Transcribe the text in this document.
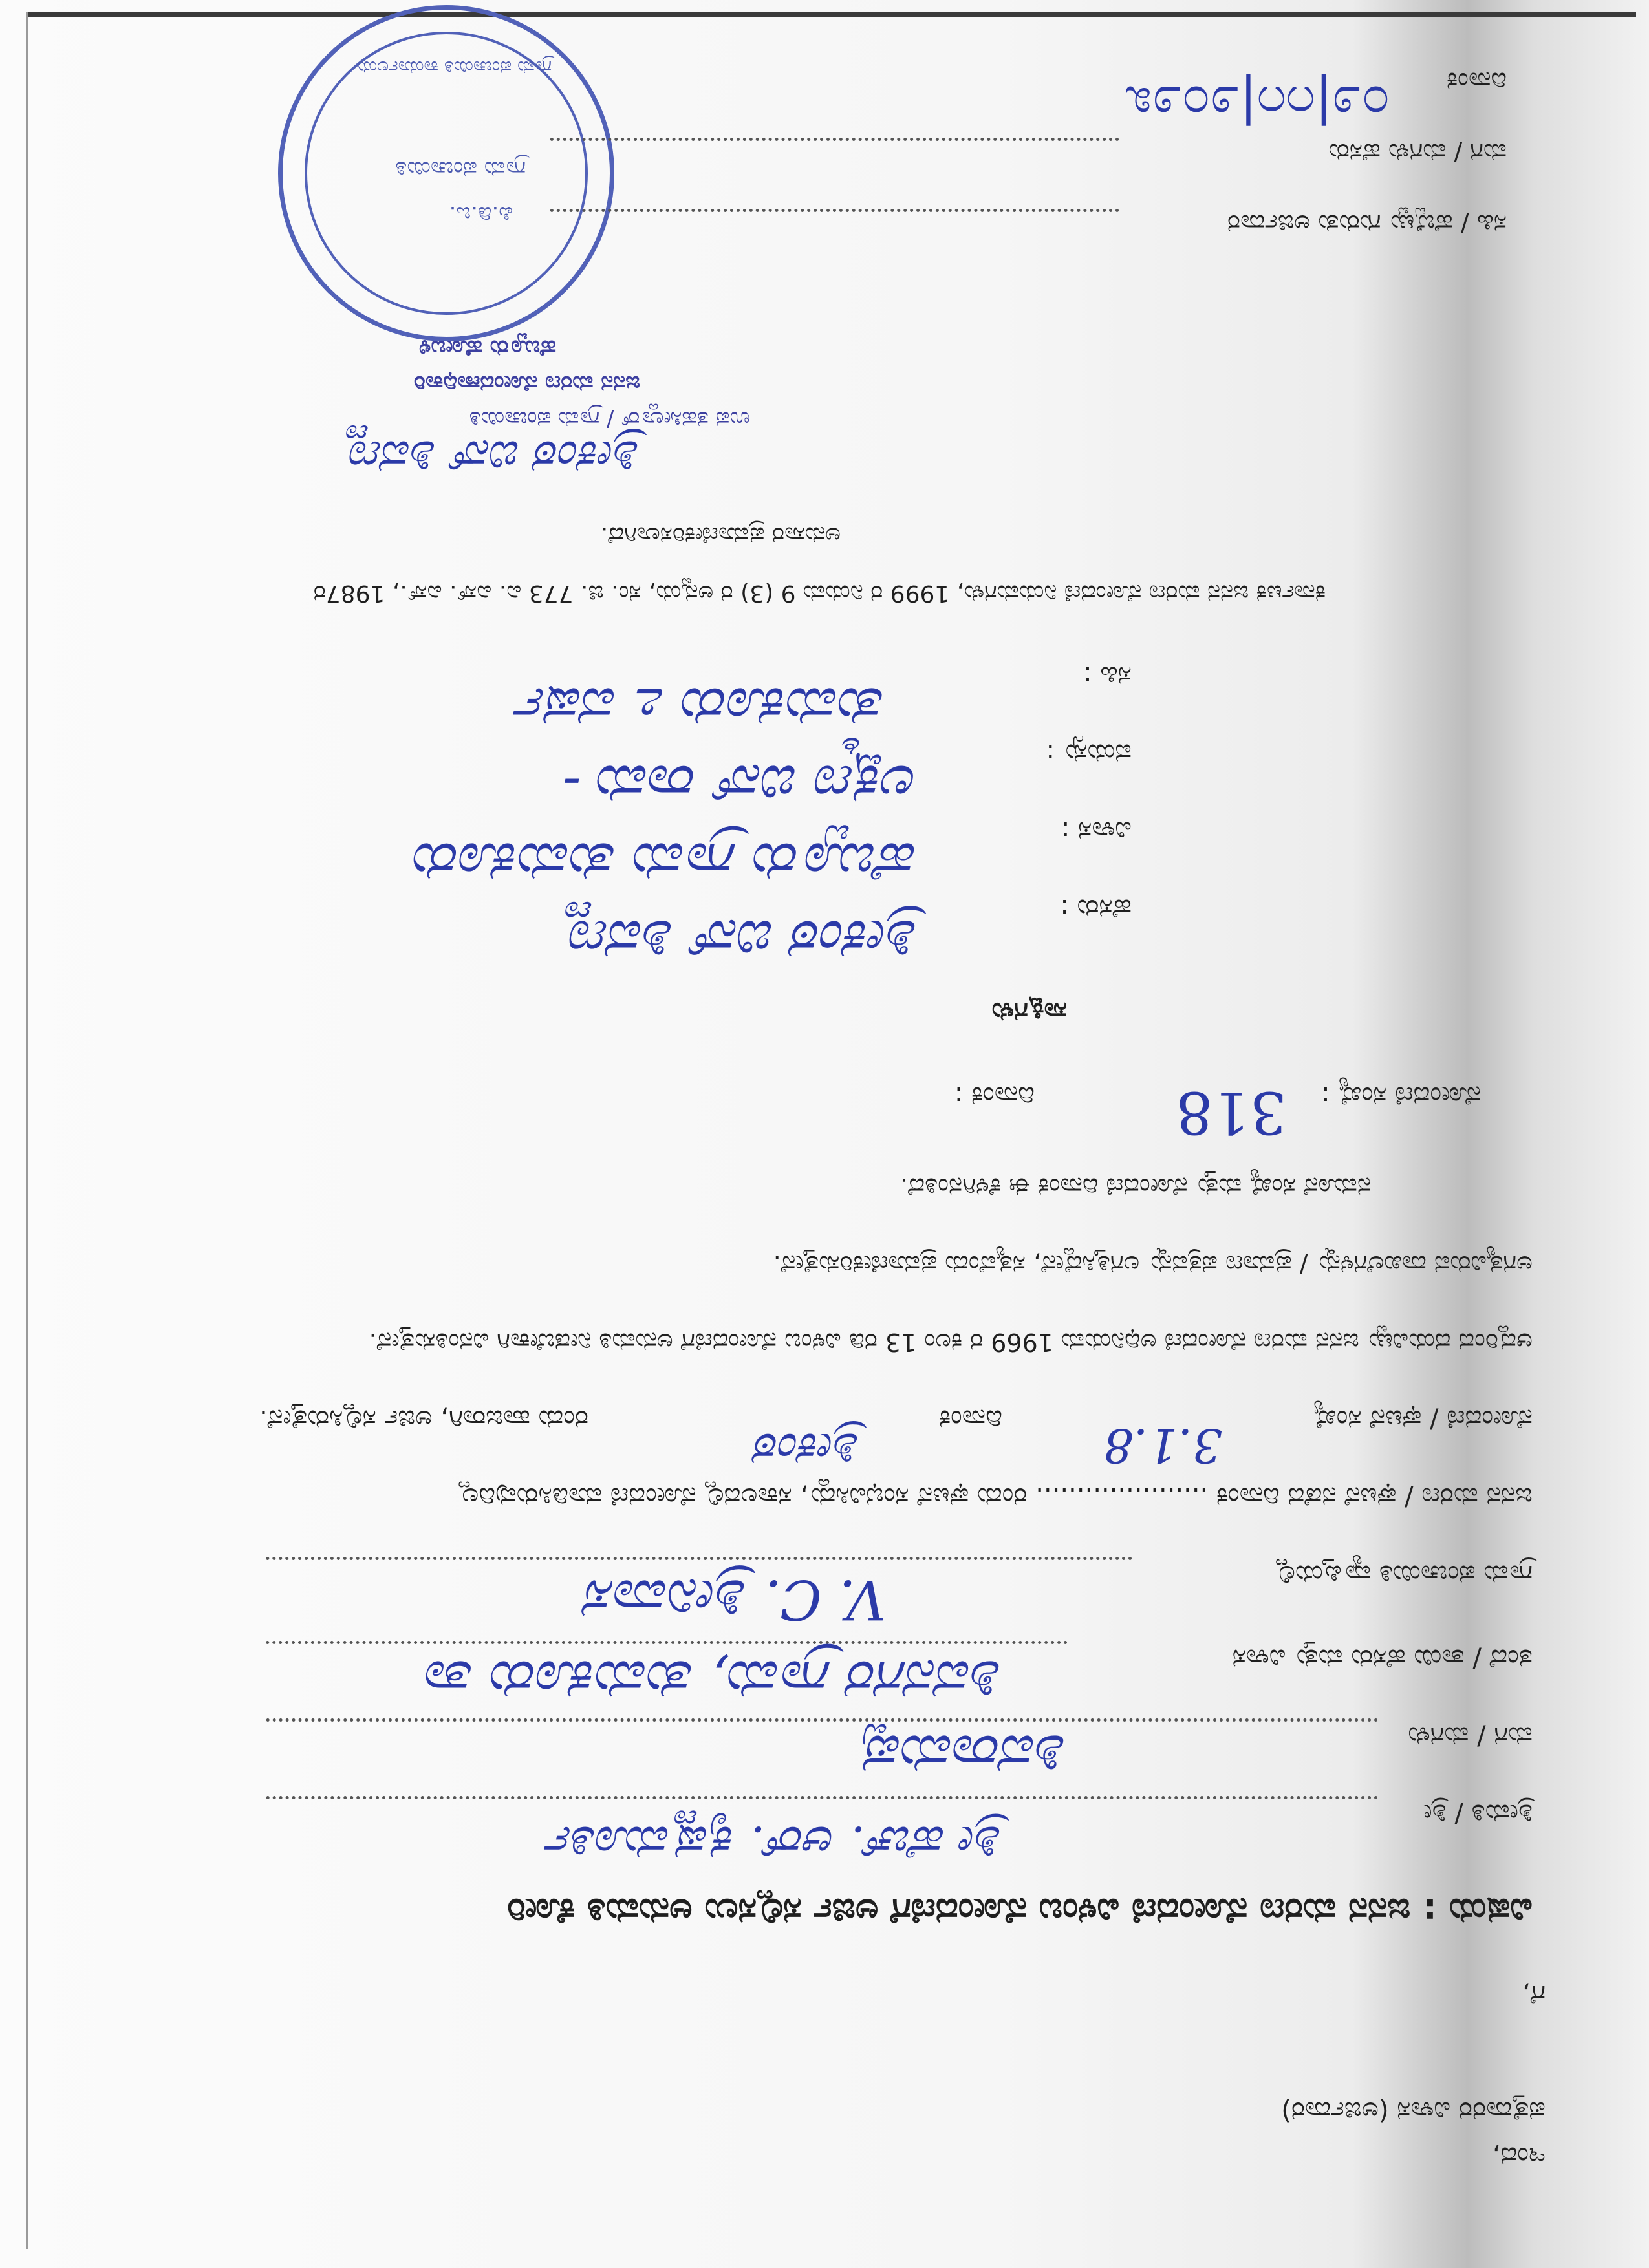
ಇಂದ,
ಪತ್ತೆದಾರರ ವಿಳಾಸ (ಅರ್ಜಿದಾರ)
ಗೆ,
ವಿಷಯ : ಜನನ ಮರಣ ನೋಂದಣಿ ವಿಳಂಬ ನೋಂದಣಿಗೆ ಅರ್ಜಿ ಸಲ್ಲಿಸಲು ಅನುಮತಿ ಕೋರಿ
ಶ್ರೀಮತಿ / ಶ್ರೀ
ಶ್ರೀ ಹೆಚ್. ಆರ್. ಕೃಷ್ಣಮೂರ್ತಿ
ಮಗ / ಮಗಳು
ಶಿವರಾಮಪ್ಪ
ತಂದೆ / ತಾಯಿ ಹೆಸರು ಮತ್ತು ವಿಳಾಸ
ಶಿವನಗರ ಗ್ರಾಮ, ತುಮಕೂರು ತಾ
ಗ್ರಾಮ ಪಂಚಾಯಿತಿ ವ್ಯಾಪ್ತಿಯಲ್ಲಿ
V. C. ಶ್ರೀನಿವಾಸ
ಜನನ ಮರಣ / ಘಟನೆ ನಡೆದ ದಿನಾಂಕ ..................... ರಂದು ಘಟನೆ ಸಂಭವಿಸಿದ್ದು, ಸಕಾಲದಲ್ಲಿ ನೋಂದಣಿ ಮಾಡಿಸಿರುವುದಿಲ್ಲ
ನೋಂದಣಿ / ಘಟನೆ ಸಂಖ್ಯೆ
3.1.8
ದಿನಾಂಕ
ಶ್ರೀಕಂಠ
ರಂದು ಹಾಜರಾಗಿ, ಅರ್ಜಿ ಸಲ್ಲಿಸಿರುತ್ತೇನೆ.
ಆದ್ದರಿಂದ ದಯವಿಟ್ಟು ಜನನ ಮರಣ ನೋಂದಣಿ ಅಧಿನಿಯಮ 1969 ರ ಕಲಂ 13 ರಡಿ ವಿಳಂಬ ನೋಂದಣಿಗೆ ಅನುಮತಿ ನೀಡಬೇಕಾಗಿ ವಿನಂತಿಸುತ್ತೇನೆ.
ಅಗತ್ಯವಿರುವ ದಾಖಲೆಗಳನ್ನು / ಪ್ರಮಾಣ ಪತ್ರವನ್ನು ಲಗತ್ತಿಸಿದ್ದೇನೆ, ಸತ್ಯವೆಂದು ಪ್ರಮಾಣೀಕರಿಸುತ್ತೇನೆ.
ನಮೂನೆ ಸಂಖ್ಯೆ ಮತ್ತು ನೋಂದಣಿ ದಿನಾಂಕ ಈ ಕೆಳಗಿನಂತಿದೆ.
ನೋಂದಣಿ ಸಂಖ್ಯೆ :
318
ದಿನಾಂಕ :
ಸಾಕ್ಷಿಗಳು
ಹೆಸರು :
ಶ್ರೀಕಂಠ ಬಿನ್ ಶಿವಣ್ಣ
ವಿಳಾಸ :
ಹೆಬ್ಬೂರು ಗ್ರಾಮ ತುಮಕೂರು
ವಯಸ್ಸು :
ಲಕ್ಷ್ಮಣ ಬಿನ್ ರಾಮ -
ಸಹಿ :
ತುಮಕೂರು ೭ ವರ್ಷ
ಕರ್ನಾಟಕ ಜನನ ಮರಣ ನೋಂದಣಿ ನಿಯಮಗಳು, 1999 ರ ನಿಯಮ 9 (3) ರ ಅನ್ವಯ, ಸಂ. ಜಿ. 773 ಎ. ಎಸ್. ಎಸ್., 1987ರ
ಅನುಸಾರ ಪ್ರಮಾಣೀಕರಿಸಲಾಗಿದೆ.
ಶ್ರೀಕಂಠ ಬಿನ್ ಶಿವಣ್ಣ
ಉಪ ತಹಸೀಲ್ದಾರ್ / ಗ್ರಾಮ ಪಂಚಾಯಿತಿ
ಜನನ ಮರಣ ನೋಂದಣಾಧಿಕಾರಿ
ಹೆಬ್ಬೂರು ಹೋಬಳಿ
ಪಿ.ಡಿ.ಒ.
ಗ್ರಾಮ ಪಂಚಾಯಿತಿ
ಗ್ರಾಮ ಪಂಚಾಯಿತಿ ಕಾರ್ಯಾಲಯ
ಸಹಿ / ಹೆಬ್ಬೆಟ್ಟು ಗುರುತು ಅರ್ಜಿದಾರ
ಮಗ / ಮಗಳು ಹೆಸರು
ದಿನಾಂಕ
೦೨|೧೧|೨೦೨೩
